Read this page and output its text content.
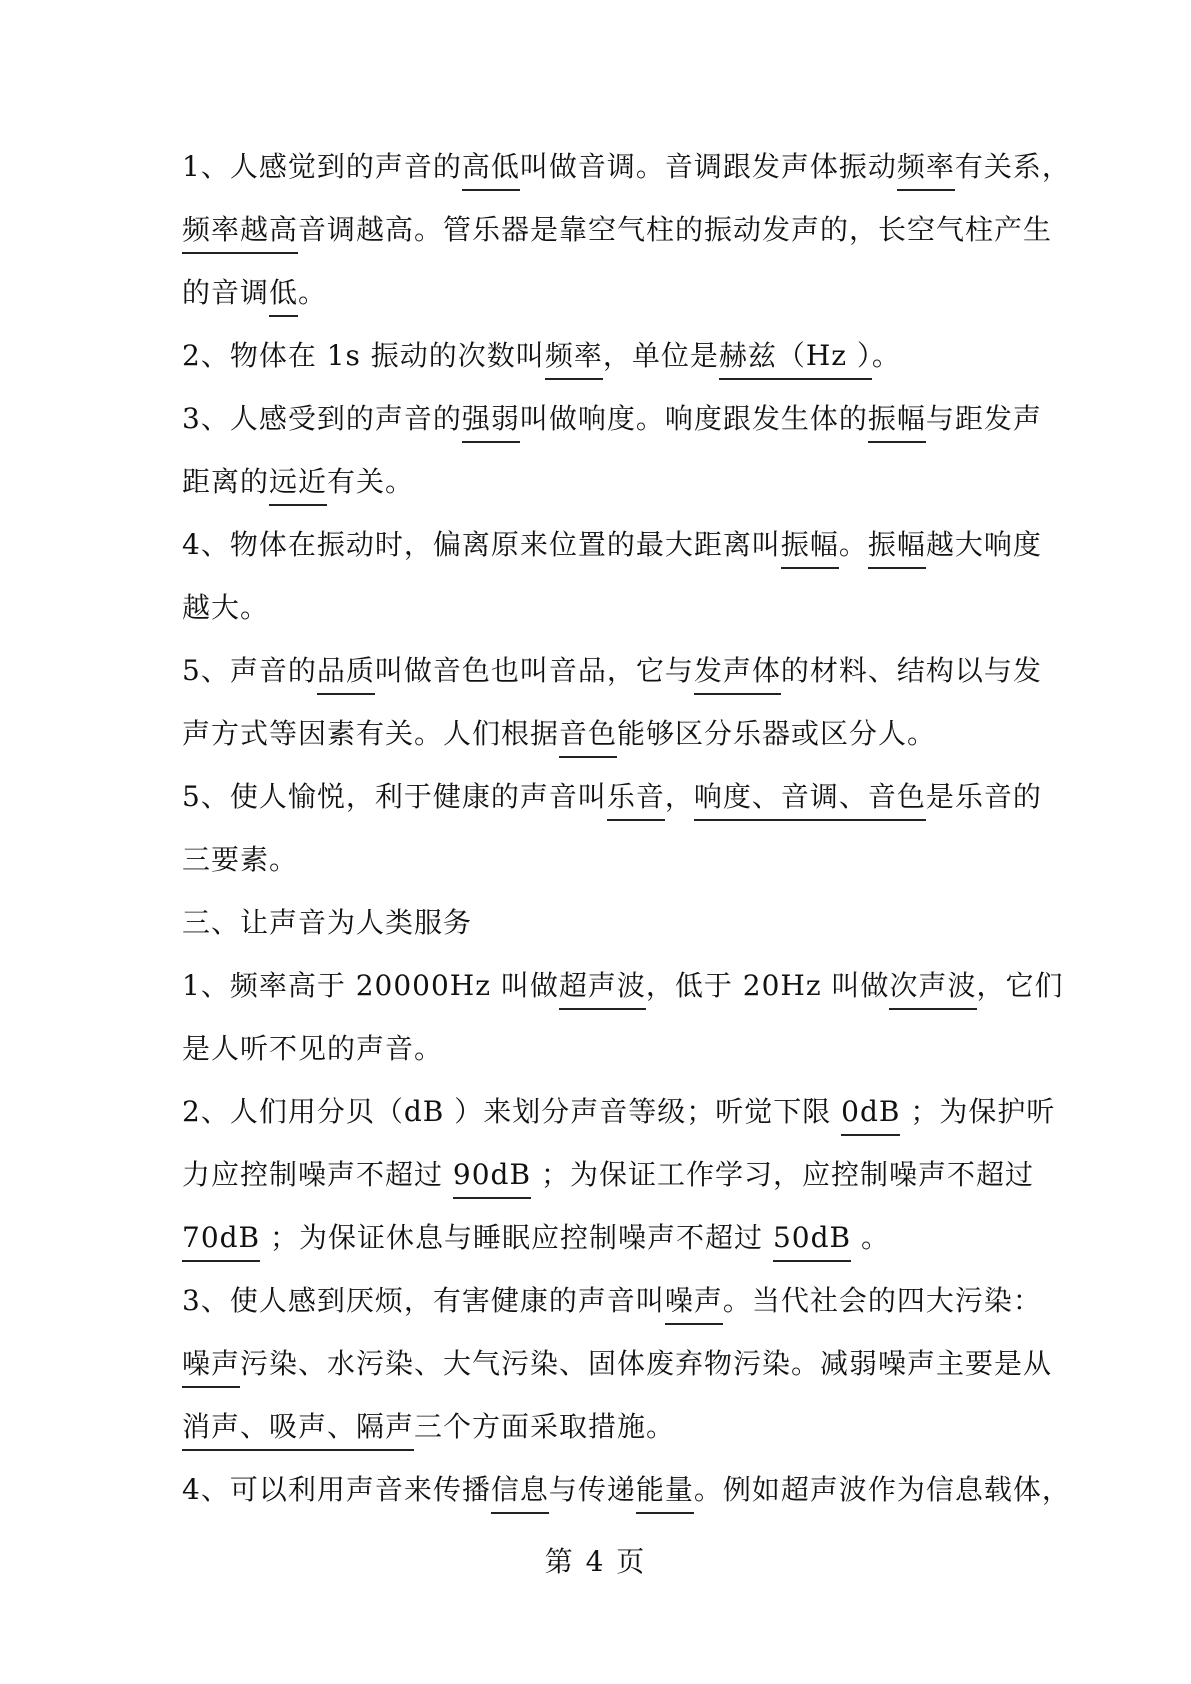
1、人感觉到的声音的高低叫做音调。音调跟发声体振动频率有关系，
频率越高音调越高。管乐器是靠空气柱的振动发声的，长空气柱产生
的音调低。
2、物体在 1s 振动的次数叫频率，单位是赫兹（Hz ）。
3、人感受到的声音的强弱叫做响度。响度跟发生体的振幅与距发声
距离的远近有关。
4、物体在振动时，偏离原来位置的最大距离叫振幅。振幅越大响度
越大。
5、声音的品质叫做音色也叫音品，它与发声体的材料、结构以与发
声方式等因素有关。人们根据音色能够区分乐器或区分人。
5、使人愉悦，利于健康的声音叫乐音，响度、音调、音色是乐音的
三要素。
三、让声音为人类服务
1、频率高于 20000Hz 叫做超声波，低于 20Hz 叫做次声波，它们
是人听不见的声音。
2、人们用分贝（dB ）来划分声音等级；听觉下限 0dB ；为保护听
力应控制噪声不超过 90dB ；为保证工作学习，应控制噪声不超过
70dB ；为保证休息与睡眠应控制噪声不超过 50dB 。
3、使人感到厌烦，有害健康的声音叫噪声。当代社会的四大污染：
噪声污染、水污染、大气污染、固体废弃物污染。减弱噪声主要是从
消声、吸声、隔声三个方面采取措施。
4、可以利用声音来传播信息与传递能量。例如超声波作为信息载体，
第 4 页
